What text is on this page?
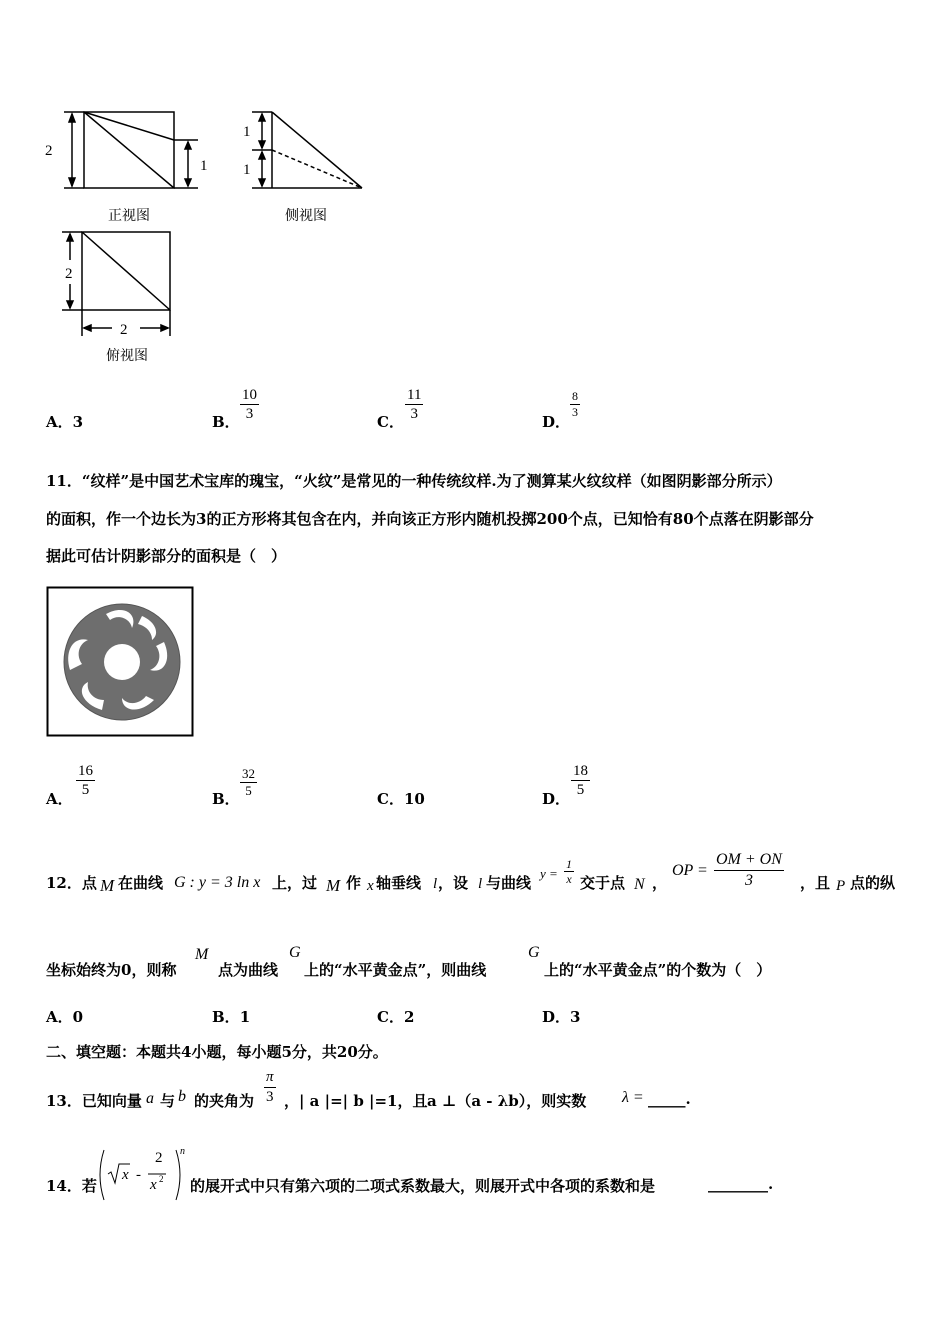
2
1
正视图
1
1
侧视图
2
2
俯视图
A．3	B． $\frac{10}{3}$	C． $\frac{11}{3}$	D．
$\frac{8}{3}$
11．“纹样”是中国艺术宝库的瑰宝，“火纹”是常见的一种传统纹样.为了测算某火纹纹样（如图阴影部分所示）
的面积，作一个边长为3的正方形将其包含在内，并向该正方形内随机投掷200个点，已知恰有80个点落在阴影部分
据此可估计阴影部分的面积是（　）
A． $\frac{16}{5}$	B． $\frac{32}{5}$	C．10	D． $\frac{18}{5}$
12．点 M 在曲线 G : y = 3 ln x 上，过 M 作 x 轴垂线 l ，设 l 与曲线
$y = \frac{1}{x}$ 交于点 N ，
OP = $\frac{OM + ON}{3}$ ，且 P 点的纵
坐标始终为0，则称
M
点为曲线
G
上的“水平黄金点”，则曲线
G
上的“水平黄金点”的个数为（　）
A．0	B．1	C．2	D．3
二、填空题：本题共4小题，每小题5分，共20分。
13．已知向量 a 与 b 的夹角为 $\frac{\pi}{3}$ ，| a |=| b |=1，且 a ⊥（a - λb），则实数 λ = _____.
14．若
x -
2
x 2
n
的展开式中只有第六项的二项式系数最大，则展开式中各项的系数和是	________.
